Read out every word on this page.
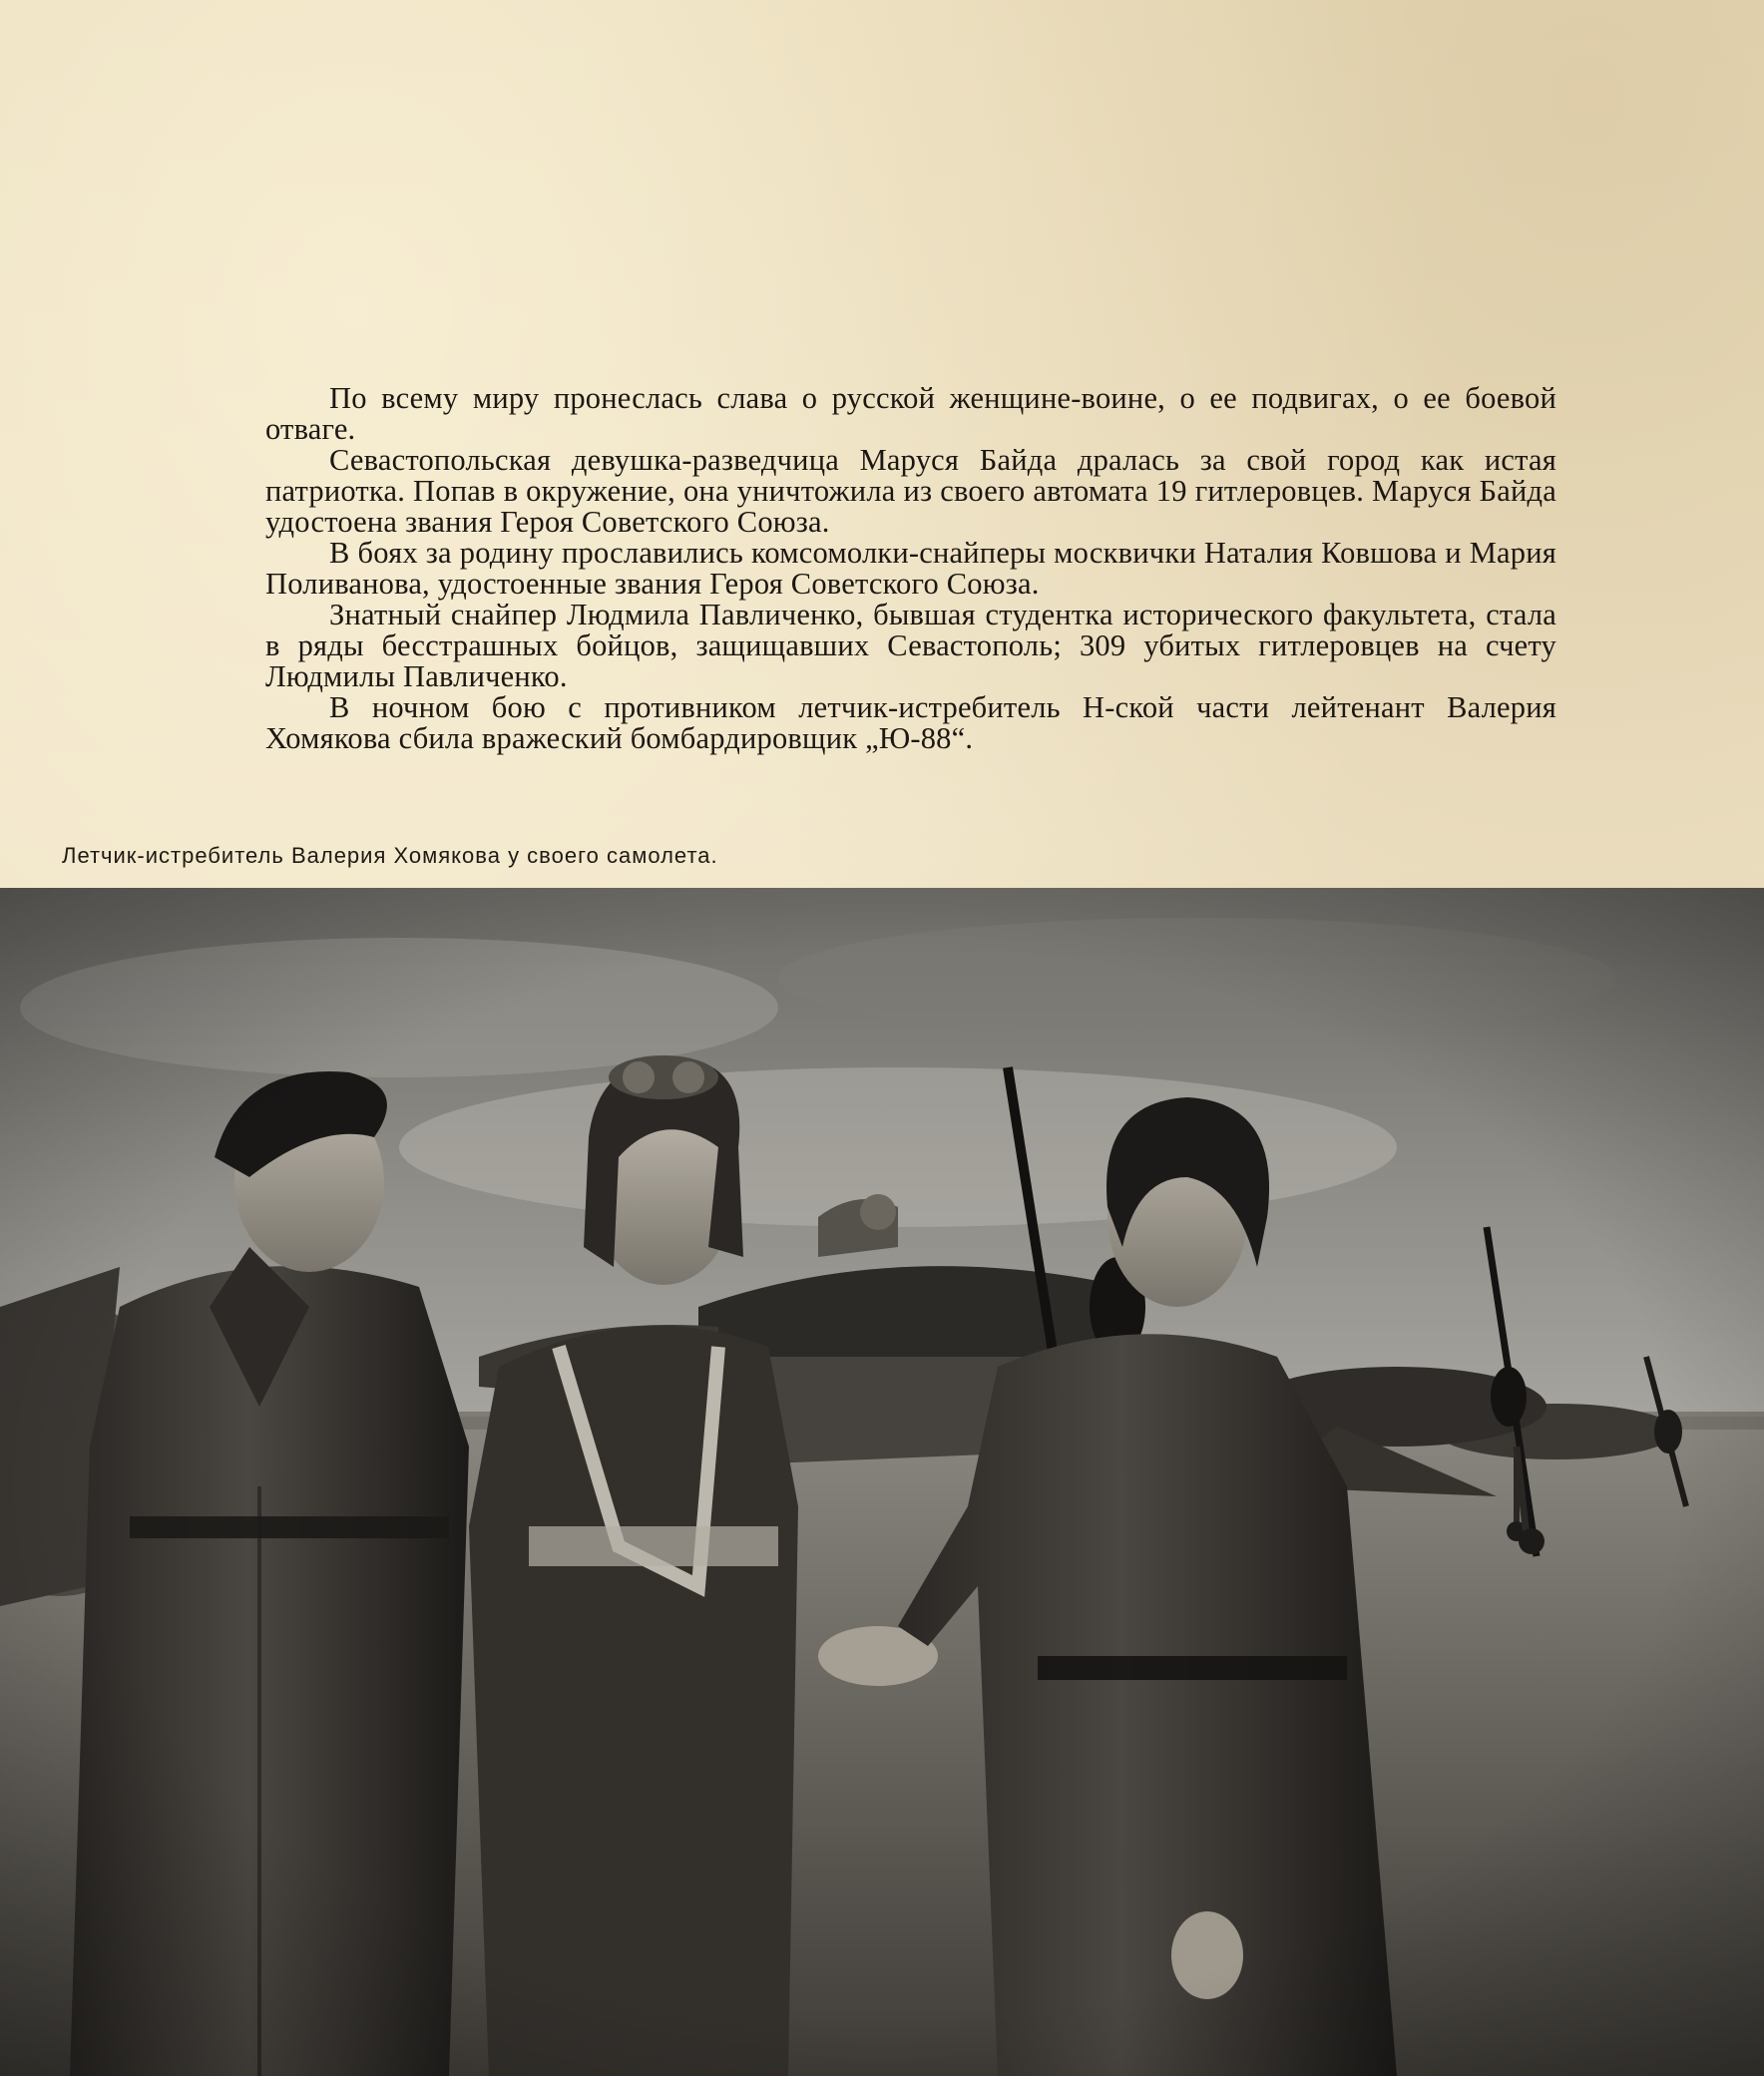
По всему миру пронеслась слава о русской женщине-воине, о ее подвигах, о ее боевой отваге.

Севастопольская девушка-разведчица Маруся Байда дралась за свой город как истая патриотка. Попав в окружение, она уничтожила из своего автомата 19 гитлеровцев. Маруся Байда удостоена звания Героя Советского Союза.

В боях за родину прославились комсомолки-снайперы москвички Наталия Ковшова и Мария Поливанова, удостоенные звания Героя Советского Союза.

Знатный снайпер Людмила Павличенко, бывшая студентка исторического факультета, стала в ряды бесстрашных бойцов, защищавших Севастополь; 309 убитых гитлеровцев на счету Людмилы Павличенко.

В ночном бою с противником летчик-истребитель Н-ской части лейтенант Валерия Хомякова сбила вражеский бомбардировщик „Ю-88“.

Летчик-истребитель Валерия Хомякова у своего самолета.
